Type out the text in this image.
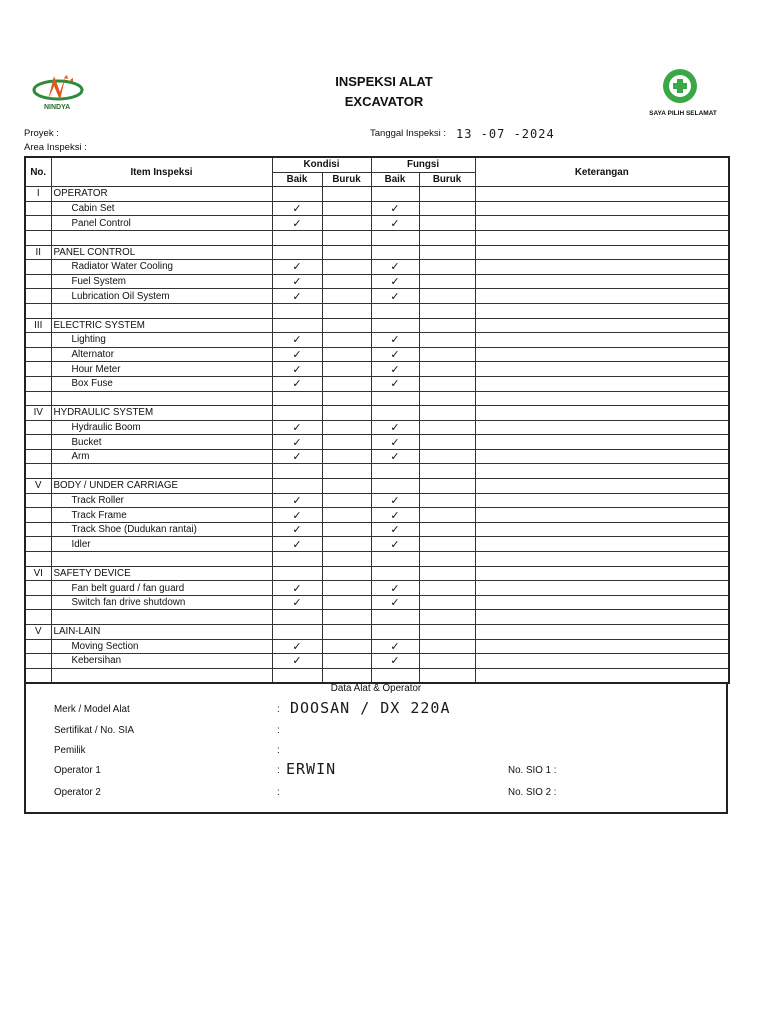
NINDYA
INSPEKSI ALAT
EXCAVATOR
SAYA PILIH SELAMAT
Proyek :
Area Inspeksi :
Tanggal Inspeksi : 13 -07 -2024
No.	Item Inspeksi	Kondisi		Fungsi		Keterangan
		Baik	Buruk	Baik	Buruk	
I	OPERATOR					
	Cabin Set	✓		✓		
	Panel Control	✓		✓		

II	PANEL CONTROL					
	Radiator Water Cooling	✓		✓		
	Fuel System	✓		✓		
	Lubrication Oil System	✓		✓		

III	ELECTRIC SYSTEM					
	Lighting	✓		✓		
	Alternator	✓		✓		
	Hour Meter	✓		✓		
	Box Fuse	✓		✓		

IV	HYDRAULIC SYSTEM					
	Hydraulic Boom	✓		✓		
	Bucket	✓		✓		
	Arm	✓		✓		

V	BODY / UNDER CARRIAGE					
	Track Roller	✓		✓		
	Track Frame	✓		✓		
	Track Shoe (Dudukan rantai)	✓		✓		
	Idler	✓		✓		

VI	SAFETY DEVICE					
	Fan belt guard / fan guard	✓		✓		
	Switch fan drive shutdown	✓		✓		

V	LAIN-LAIN					
	Moving Section	✓		✓		
	Kebersihan	✓		✓		

Data Alat & Operator
Merk / Model Alat	: DOOSAN / DX 220A
Sertifikat / No. SIA	:
Pemilik	:
Operator 1	: ERWIN	No. SIO 1 :
Operator 2	:	No. SIO 2 :
